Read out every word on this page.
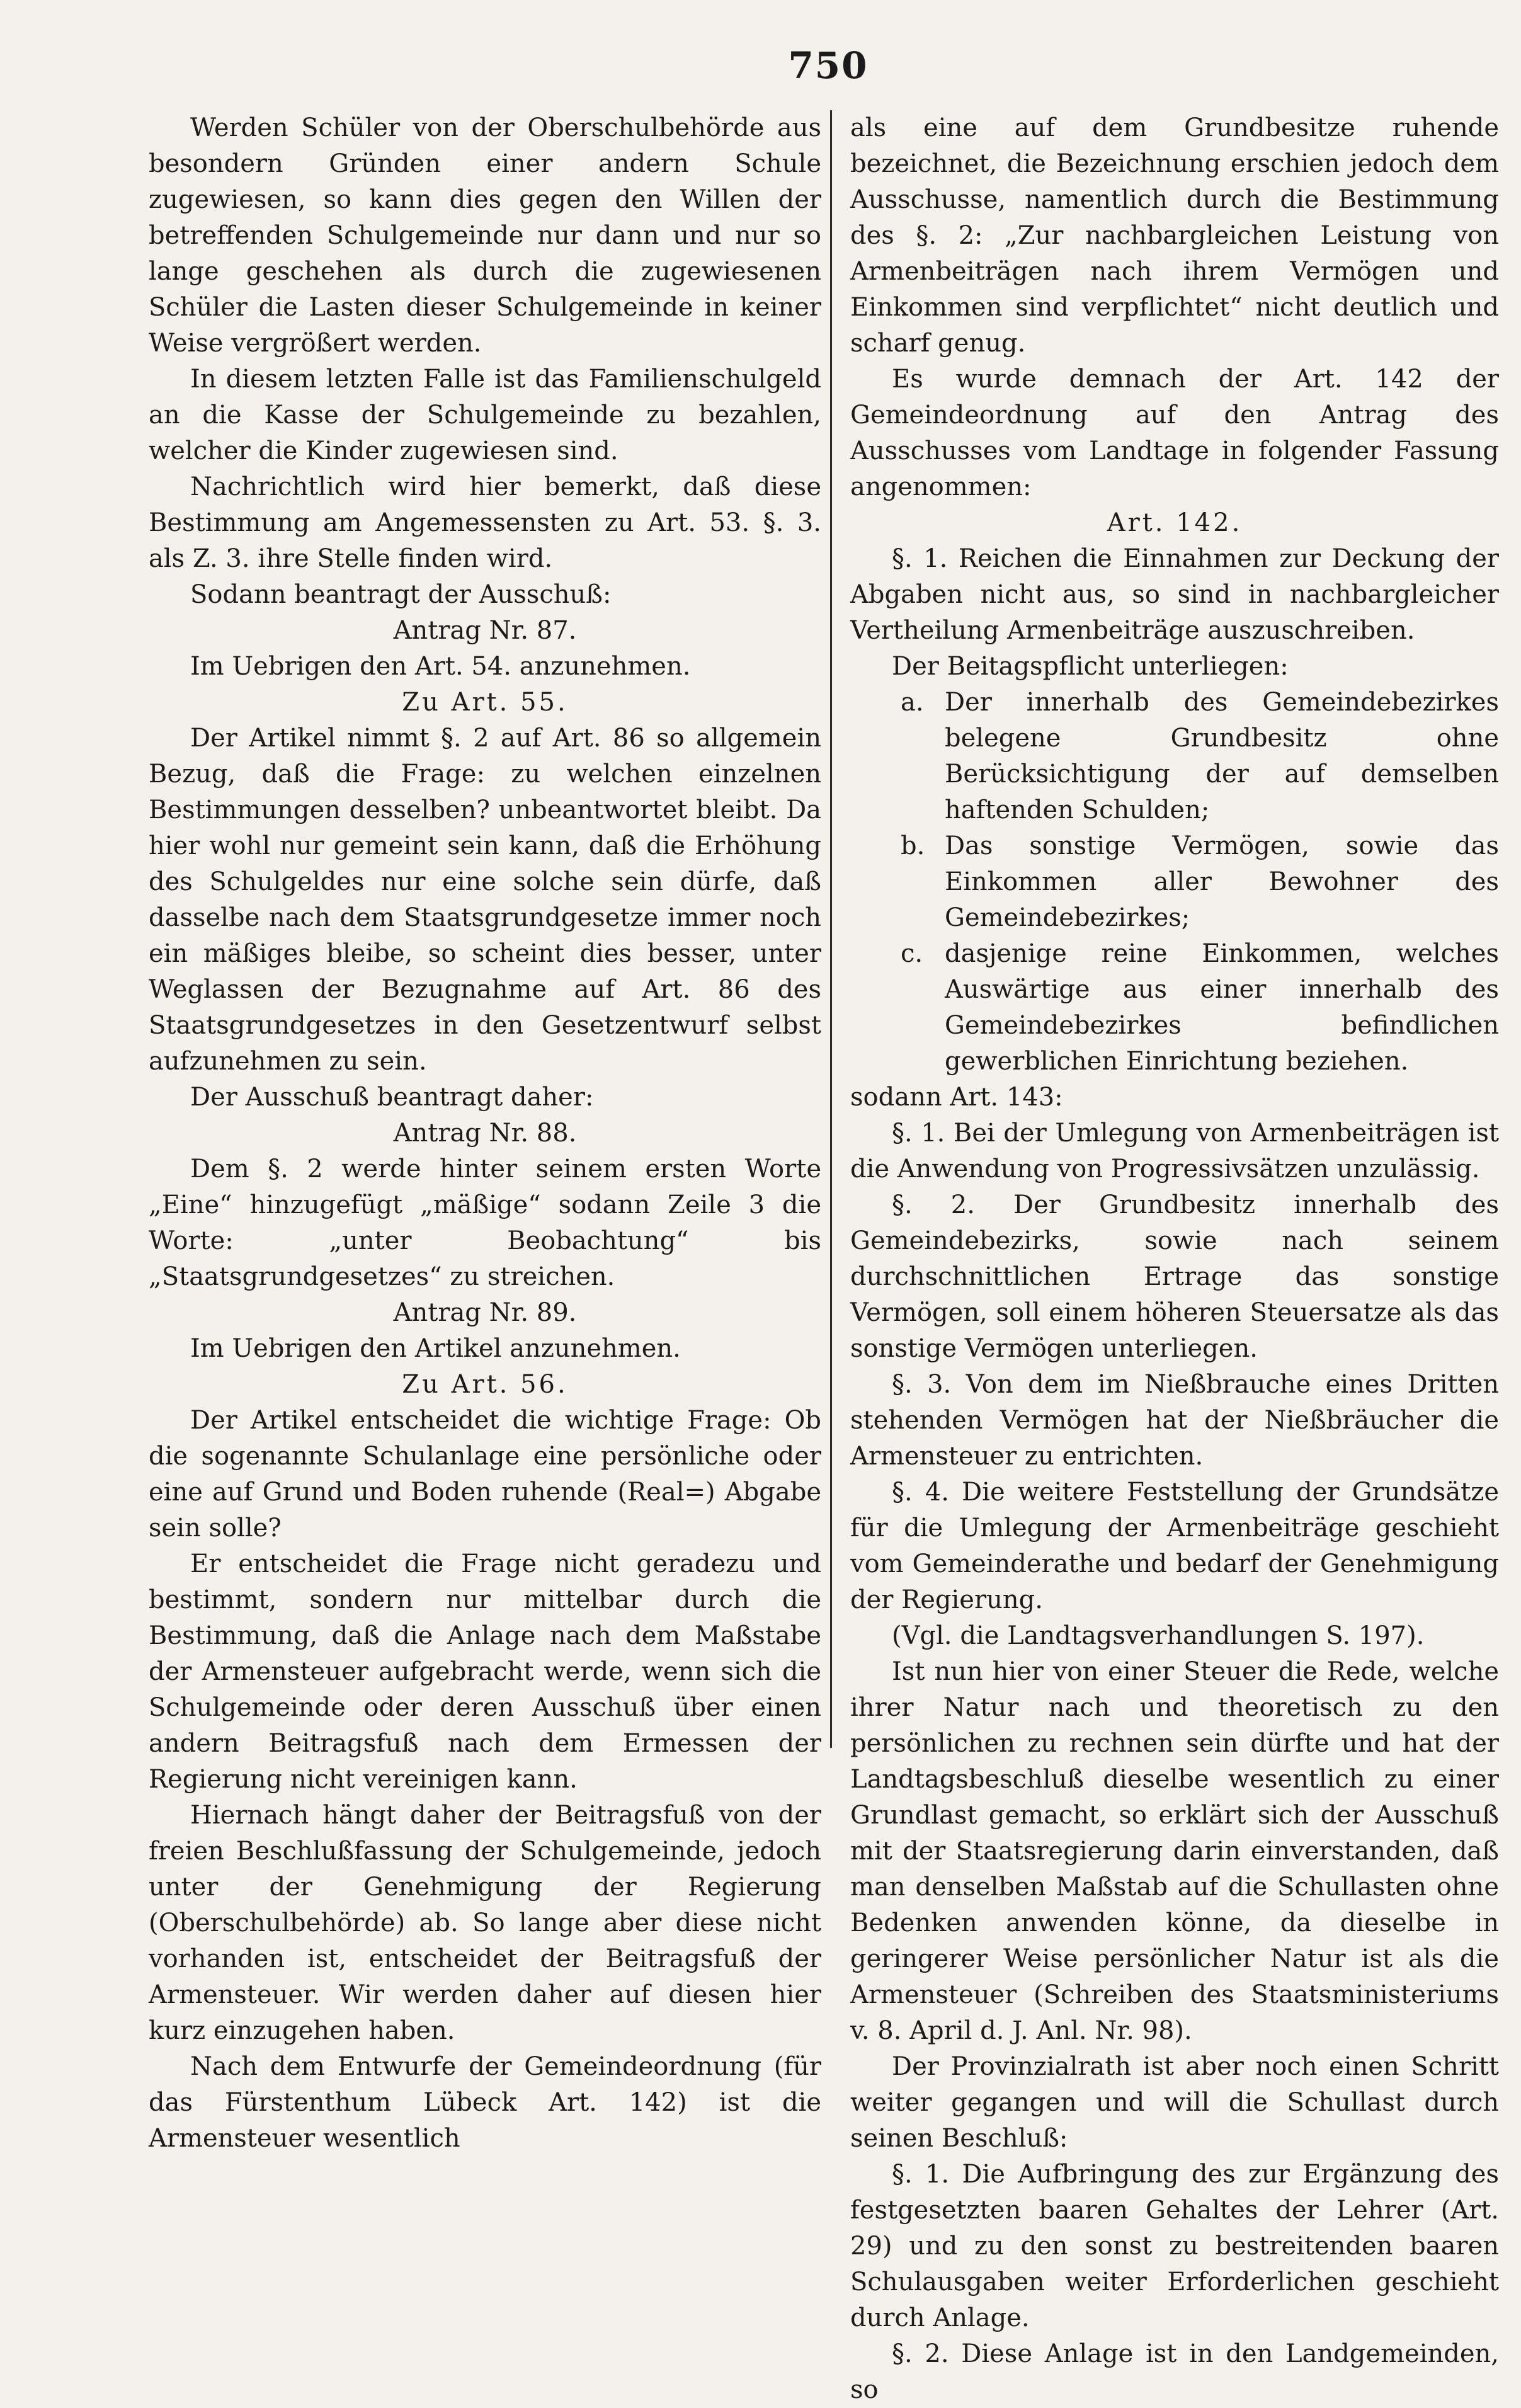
750

Werden Schüler von der Oberschulbehörde aus besondern Gründen einer andern Schule zugewiesen, so kann dies gegen den Willen der betreffenden Schulgemeinde nur dann und nur so lange geschehen als durch die zugewiesenen Schüler die Lasten dieser Schulgemeinde in keiner Weise vergrößert werden.

In diesem letzten Falle ist das Familienschulgeld an die Kasse der Schulgemeinde zu bezahlen, welcher die Kinder zugewiesen sind.

Nachrichtlich wird hier bemerkt, daß diese Bestimmung am Angemessensten zu Art. 53. §. 3. als Z. 3. ihre Stelle finden wird.

Sodann beantragt der Ausschuß:

Antrag Nr. 87.

Im Uebrigen den Art. 54. anzunehmen.

Zu Art. 55.

Der Artikel nimmt §. 2 auf Art. 86 so allgemein Bezug, daß die Frage: zu welchen einzelnen Bestimmungen desselben? unbeantwortet bleibt. Da hier wohl nur gemeint sein kann, daß die Erhöhung des Schulgeldes nur eine solche sein dürfe, daß dasselbe nach dem Staatsgrundgesetze immer noch ein mäßiges bleibe, so scheint dies besser, unter Weglassen der Bezugnahme auf Art. 86 des Staatsgrundgesetzes in den Gesetzentwurf selbst aufzunehmen zu sein.

Der Ausschuß beantragt daher:

Antrag Nr. 88.

Dem §. 2 werde hinter seinem ersten Worte „Eine“ hinzugefügt „mäßige“ sodann Zeile 3 die Worte: „unter Beobachtung“ bis „Staatsgrundgesetzes“ zu streichen.

Antrag Nr. 89.

Im Uebrigen den Artikel anzunehmen.

Zu Art. 56.

Der Artikel entscheidet die wichtige Frage: Ob die sogenannte Schulanlage eine persönliche oder eine auf Grund und Boden ruhende (Real=) Abgabe sein solle?

Er entscheidet die Frage nicht geradezu und bestimmt, sondern nur mittelbar durch die Bestimmung, daß die Anlage nach dem Maßstabe der Armensteuer aufgebracht werde, wenn sich die Schulgemeinde oder deren Ausschuß über einen andern Beitragsfuß nach dem Ermessen der Regierung nicht vereinigen kann.

Hiernach hängt daher der Beitragsfuß von der freien Beschlußfassung der Schulgemeinde, jedoch unter der Genehmigung der Regierung (Oberschulbehörde) ab. So lange aber diese nicht vorhanden ist, entscheidet der Beitragsfuß der Armensteuer. Wir werden daher auf diesen hier kurz einzugehen haben.

Nach dem Entwurfe der Gemeindeordnung (für das Fürstenthum Lübeck Art. 142) ist die Armensteuer wesentlich

als eine auf dem Grundbesitze ruhende bezeichnet, die Bezeichnung erschien jedoch dem Ausschusse, namentlich durch die Bestimmung des §. 2: „Zur nachbargleichen Leistung von Armenbeiträgen nach ihrem Vermögen und Einkommen sind verpflichtet“ nicht deutlich und scharf genug.

Es wurde demnach der Art. 142 der Gemeindeordnung auf den Antrag des Ausschusses vom Landtage in folgender Fassung angenommen:

Art. 142.

§. 1. Reichen die Einnahmen zur Deckung der Abgaben nicht aus, so sind in nachbargleicher Vertheilung Armenbeiträge auszuschreiben.

Der Beitagspflicht unterliegen:

a. Der innerhalb des Gemeindebezirkes belegene Grundbesitz ohne Berücksichtigung der auf demselben haftenden Schulden;

b. Das sonstige Vermögen, sowie das Einkommen aller Bewohner des Gemeindebezirkes;

c. dasjenige reine Einkommen, welches Auswärtige aus einer innerhalb des Gemeindebezirkes befindlichen gewerblichen Einrichtung beziehen.

sodann Art. 143:

§. 1. Bei der Umlegung von Armenbeiträgen ist die Anwendung von Progressivsätzen unzulässig.

§. 2. Der Grundbesitz innerhalb des Gemeindebezirks, sowie nach seinem durchschnittlichen Ertrage das sonstige Vermögen, soll einem höheren Steuersatze als das sonstige Vermögen unterliegen.

§. 3. Von dem im Nießbrauche eines Dritten stehenden Vermögen hat der Nießbräucher die Armensteuer zu entrichten.

§. 4. Die weitere Feststellung der Grundsätze für die Umlegung der Armenbeiträge geschieht vom Gemeinderathe und bedarf der Genehmigung der Regierung.

(Vgl. die Landtagsverhandlungen S. 197).

Ist nun hier von einer Steuer die Rede, welche ihrer Natur nach und theoretisch zu den persönlichen zu rechnen sein dürfte und hat der Landtagsbeschluß dieselbe wesentlich zu einer Grundlast gemacht, so erklärt sich der Ausschuß mit der Staatsregierung darin einverstanden, daß man denselben Maßstab auf die Schullasten ohne Bedenken anwenden könne, da dieselbe in geringerer Weise persönlicher Natur ist als die Armensteuer (Schreiben des Staatsministeriums v. 8. April d. J. Anl. Nr. 98).

Der Provinzialrath ist aber noch einen Schritt weiter gegangen und will die Schullast durch seinen Beschluß:

§. 1. Die Aufbringung des zur Ergänzung des festgesetzten baaren Gehaltes der Lehrer (Art. 29) und zu den sonst zu bestreitenden baaren Schulausgaben weiter Erforderlichen geschieht durch Anlage.

§. 2. Diese Anlage ist in den Landgemeinden, so
